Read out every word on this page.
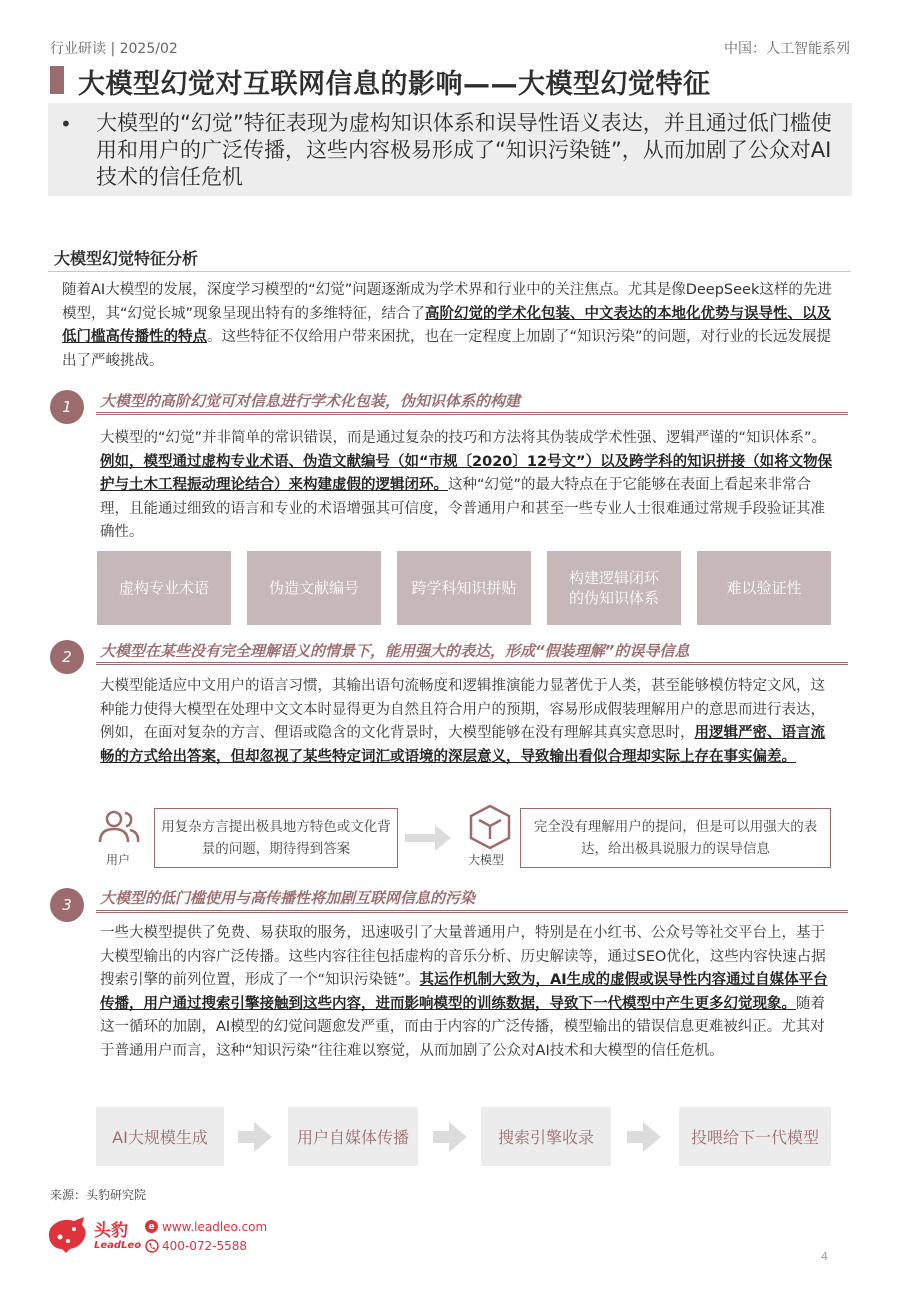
行业研读 | 2025/02	中国：人工智能系列
大模型幻觉对互联网信息的影响——大模型幻觉特征
• 大模型的“幻觉”特征表现为虚构知识体系和误导性语义表达，并且通过低门槛使用和用户的广泛传播，这些内容极易形成了“知识污染链”，从而加剧了公众对AI技术的信任危机
大模型幻觉特征分析
随着AI大模型的发展，深度学习模型的“幻觉”问题逐渐成为学术界和行业中的关注焦点。尤其是像DeepSeek这样的先进模型，其“幻觉长城”现象呈现出特有的多维特征，结合了高阶幻觉的学术化包装、中文表达的本地化优势与误导性、以及低门槛高传播性的特点。这些特征不仅给用户带来困扰，也在一定程度上加剧了“知识污染”的问题，对行业的长远发展提出了严峻挑战。
1	大模型的高阶幻觉可对信息进行学术化包装，伪知识体系的构建
大模型的“幻觉”并非简单的常识错误，而是通过复杂的技巧和方法将其伪装成学术性强、逻辑严谨的“知识体系”。例如，模型通过虚构专业术语、伪造文献编号（如“市规〔2020〕12号文”）以及跨学科的知识拼接（如将文物保护与土木工程振动理论结合）来构建虚假的逻辑闭环。这种“幻觉”的最大特点在于它能够在表面上看起来非常合理，且能通过细致的语言和专业的术语增强其可信度，令普通用户和甚至一些专业人士很难通过常规手段验证其准确性。
虚构专业术语	伪造文献编号	跨学科知识拼贴
构建逻辑闭环的伪知识体系
难以验证性
2	大模型在某些没有完全理解语义的情景下，能用强大的表达，形成“假装理解”的误导信息
大模型能适应中文用户的语言习惯，其输出语句流畅度和逻辑推演能力显著优于人类，甚至能够模仿特定文风，这种能力使得大模型在处理中文文本时显得更为自然且符合用户的预期，容易形成假装理解用户的意思而进行表达，例如，在面对复杂的方言、俚语或隐含的文化背景时，大模型能够在没有理解其真实意思时，用逻辑严密、语言流畅的方式给出答案，但却忽视了某些特定词汇或语境的深层意义，导致输出看似合理却实际上存在事实偏差。
用户
用复杂方言提出极具地方特色或文化背景的问题，期待得到答案
大模型
完全没有理解用户的提问，但是可以用强大的表达，给出极具说服力的误导信息
3	大模型的低门槛使用与高传播性将加剧互联网信息的污染
一些大模型提供了免费、易获取的服务，迅速吸引了大量普通用户，特别是在小红书、公众号等社交平台上，基于大模型输出的内容广泛传播。这些内容往往包括虚构的音乐分析、历史解读等，通过SEO优化，这些内容快速占据搜索引擎的前列位置，形成了一个“知识污染链”。其运作机制大致为，AI生成的虚假或误导性内容通过自媒体平台传播，用户通过搜索引擎接触到这些内容，进而影响模型的训练数据，导致下一代模型中产生更多幻觉现象。随着这一循环的加剧，AI模型的幻觉问题愈发严重，而由于内容的广泛传播，模型输出的错误信息更难被纠正。尤其对于普通用户而言，这种“知识污染”往往难以察觉，从而加剧了公众对AI技术和大模型的信任危机。
AI大规模生成	用户自媒体传播	搜索引擎收录	投喂给下一代模型
来源：头豹研究院
头豹
LeadLeo
e www.leadleo.com
400-072-5588
4
